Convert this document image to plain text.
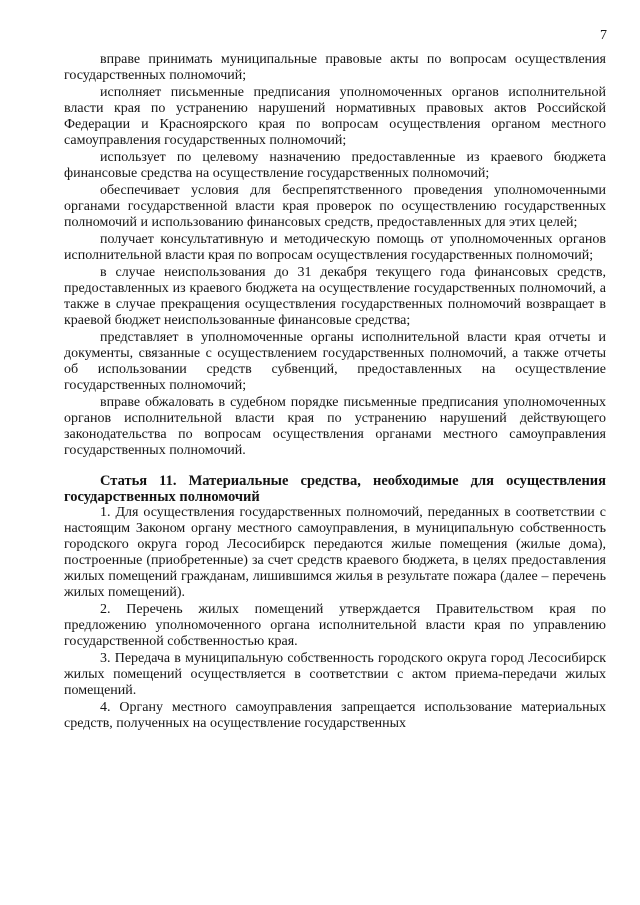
7

вправе принимать муниципальные правовые акты по вопросам осуществления государственных полномочий;

исполняет письменные предписания уполномоченных органов исполнительной власти края по устранению нарушений нормативных правовых актов Российской Федерации и Красноярского края по вопросам осуществления органом местного самоуправления государственных полномочий;

использует по целевому назначению предоставленные из краевого бюджета финансовые средства на осуществление государственных полномочий;

обеспечивает условия для беспрепятственного проведения уполномоченными органами государственной власти края проверок по осуществлению государственных полномочий и использованию финансовых средств, предоставленных для этих целей;

получает консультативную и методическую помощь от уполномоченных органов исполнительной власти края по вопросам осуществления государственных полномочий;

в случае неиспользования до 31 декабря текущего года финансовых средств, предоставленных из краевого бюджета на осуществление государственных полномочий, а также в случае прекращения осуществления государственных полномочий возвращает в краевой бюджет неиспользованные финансовые средства;

представляет в уполномоченные органы исполнительной власти края отчеты и документы, связанные с осуществлением государственных полномочий, а также отчеты об использовании средств субвенций, предоставленных на осуществление государственных полномочий;

вправе обжаловать в судебном порядке письменные предписания уполномоченных органов исполнительной власти края по устранению нарушений действующего законодательства по вопросам осуществления органами местного самоуправления государственных полномочий.

Статья 11. Материальные средства, необходимые для осуществления государственных полномочий

1. Для осуществления государственных полномочий, переданных в соответствии с настоящим Законом органу местного самоуправления, в муниципальную собственность городского округа город Лесосибирск передаются жилые помещения (жилые дома), построенные (приобретенные) за счет средств краевого бюджета, в целях предоставления жилых помещений гражданам, лишившимся жилья в результате пожара (далее – перечень жилых помещений).

2. Перечень жилых помещений утверждается Правительством края по предложению уполномоченного органа исполнительной власти края по управлению государственной собственностью края.

3. Передача в муниципальную собственность городского округа город Лесосибирск жилых помещений осуществляется в соответствии с актом приема-передачи жилых помещений.

4. Органу местного самоуправления запрещается использование материальных средств, полученных на осуществление государственных
